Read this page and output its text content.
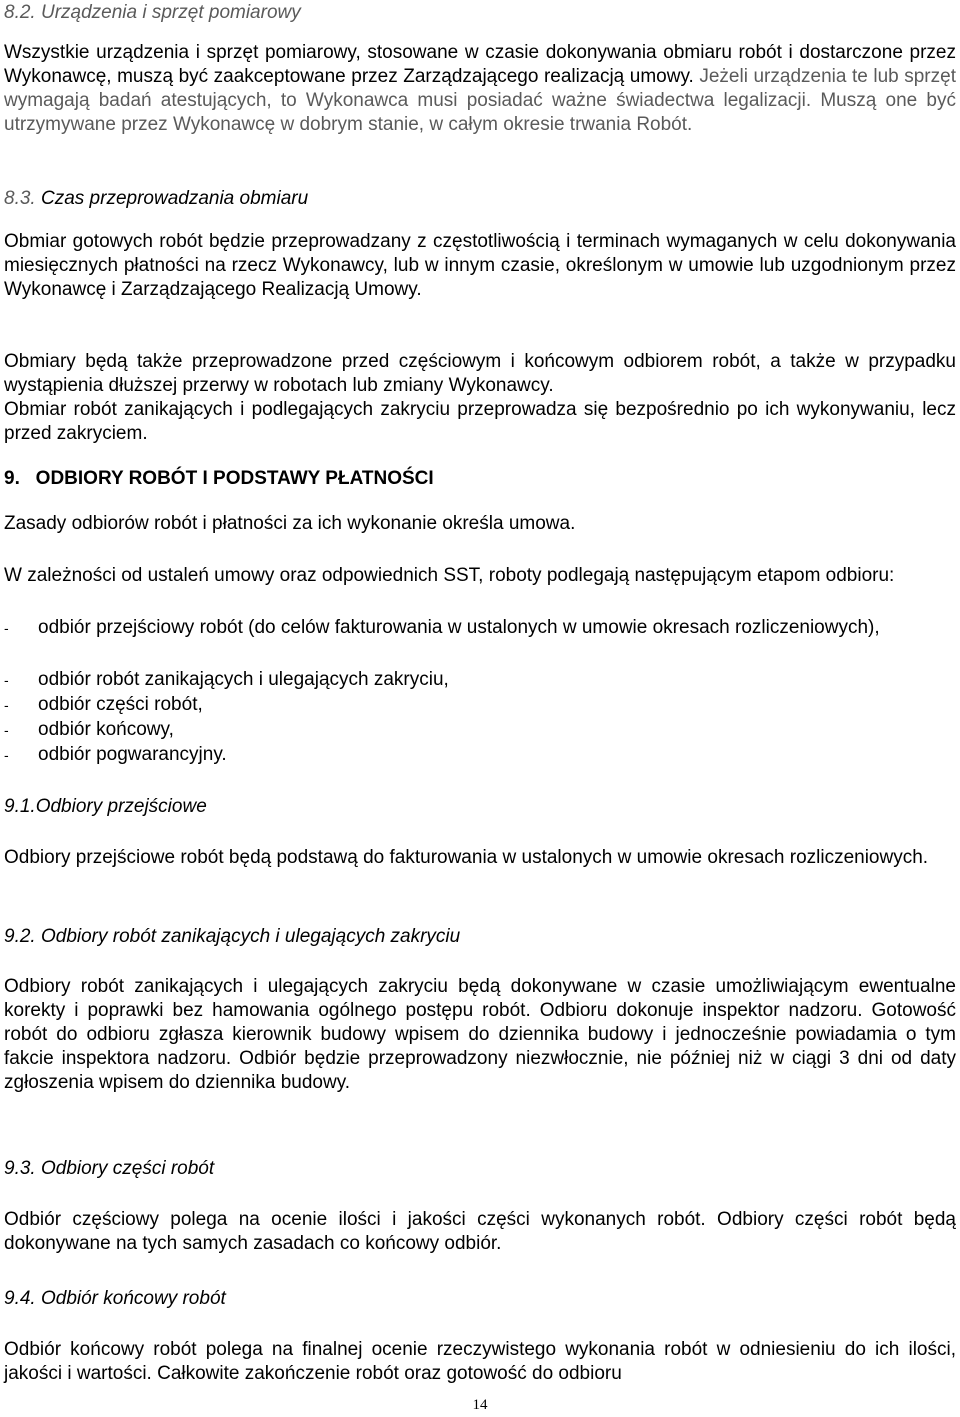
8.2. Urządzenia i sprzęt pomiarowy

Wszystkie urządzenia i sprzęt pomiarowy, stosowane w czasie dokonywania obmiaru robót i dostarczone przez Wykonawcę, muszą być zaakceptowane przez Zarządzającego realizacją umowy. Jeżeli urządzenia te lub sprzęt wymagają badań atestujących, to Wykonawca musi posiadać ważne świadectwa legalizacji. Muszą one być utrzymywane przez Wykonawcę w dobrym stanie, w całym okresie trwania Robót.

8.3. Czas przeprowadzania obmiaru

Obmiar gotowych robót będzie przeprowadzany z częstotliwością i terminach wymaganych w celu dokonywania miesięcznych płatności na rzecz Wykonawcy, lub w innym czasie, określonym w umowie lub uzgodnionym przez Wykonawcę i Zarządzającego Realizacją Umowy.

Obmiary będą także przeprowadzone przed częściowym i końcowym odbiorem robót, a także w przypadku wystąpienia dłuższej przerwy w robotach lub zmiany Wykonawcy.

Obmiar robót zanikających i podlegających zakryciu przeprowadza się bezpośrednio po ich wykonywaniu, lecz przed zakryciem.

9.   ODBIORY ROBÓT I PODSTAWY PŁATNOŚCI

Zasady odbiorów robót i płatności za ich wykonanie określa umowa.

W zależności od ustaleń umowy oraz odpowiednich SST, roboty podlegają następującym etapom odbioru:

-	odbiór przejściowy robót (do celów fakturowania w ustalonych w umowie okresach rozliczeniowych),
-	odbiór robót zanikających i ulegających zakryciu,
-	odbiór części robót,
-	odbiór końcowy,
-	odbiór pogwarancyjny.
9.1.Odbiory przejściowe

Odbiory przejściowe robót będą podstawą do fakturowania w ustalonych w umowie okresach rozliczeniowych.

9.2. Odbiory robót zanikających i ulegających zakryciu

Odbiory robót zanikających i ulegających zakryciu będą dokonywane w czasie umożliwiającym ewentualne korekty i poprawki bez hamowania ogólnego postępu robót. Odbioru dokonuje inspektor nadzoru. Gotowość robót do odbioru zgłasza kierownik budowy wpisem do dziennika budowy i jednocześnie powiadamia o tym fakcie inspektora nadzoru. Odbiór będzie przeprowadzony niezwłocznie, nie później niż w ciągi 3 dni od daty zgłoszenia wpisem do dziennika budowy.

9.3. Odbiory części robót

Odbiór częściowy polega na ocenie ilości i jakości części wykonanych robót. Odbiory części robót będą dokonywane na tych samych zasadach co końcowy odbiór.

9.4. Odbiór końcowy robót

Odbiór końcowy robót polega na finalnej ocenie rzeczywistego wykonania robót w odniesieniu do ich ilości, jakości i wartości. Całkowite zakończenie robót oraz gotowość do odbioru

14
